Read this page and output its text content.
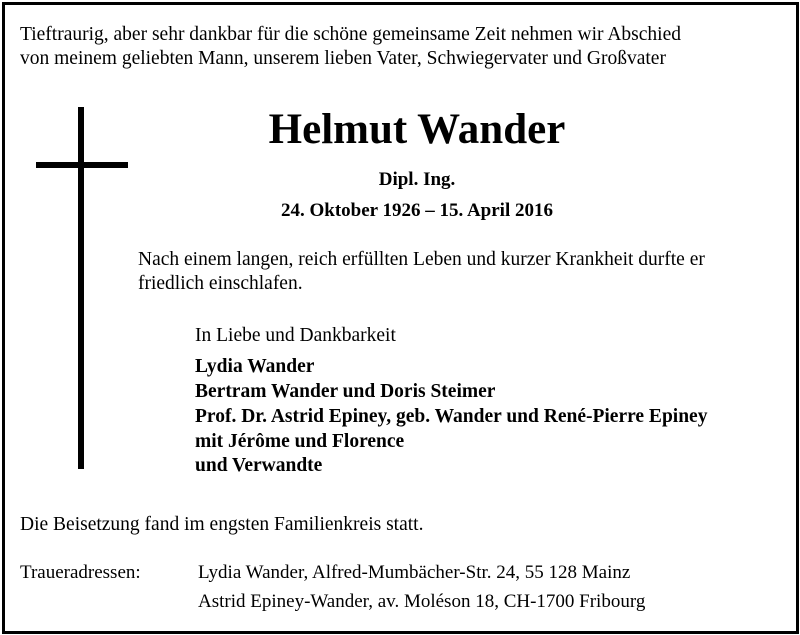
Tieftraurig, aber sehr dankbar für die schöne gemeinsame Zeit nehmen wir Abschied
von meinem geliebten Mann, unserem lieben Vater, Schwiegervater und Großvater
Helmut Wander
Dipl. Ing.
24. Oktober 1926 – 15. April 2016
Nach einem langen, reich erfüllten Leben und kurzer Krankheit durfte er
friedlich einschlafen.
In Liebe und Dankbarkeit
Lydia Wander
Bertram Wander und Doris Steimer
Prof. Dr. Astrid Epiney, geb. Wander und René-Pierre Epiney
mit Jérôme und Florence
und Verwandte
Die Beisetzung fand im engsten Familienkreis statt.
Traueradressen:	Lydia Wander, Alfred-Mumbächer-Str. 24, 55 128 Mainz
Astrid Epiney-Wander, av. Moléson 18, CH-1700 Fribourg
